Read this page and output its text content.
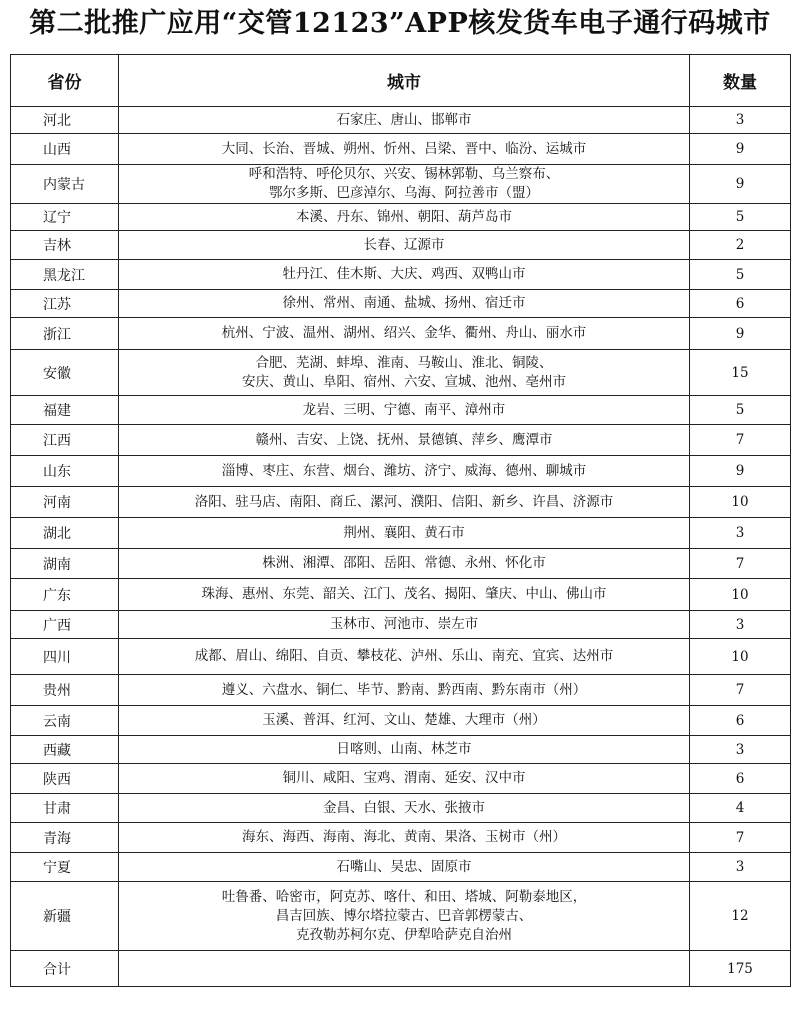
第二批推广应用“交管12123”APP核发货车电子通行码城市
省份	城市	数量
河北	石家庄、唐山、邯郸市	3
山西	大同、长治、晋城、朔州、忻州、吕梁、晋中、临汾、运城市	9
内蒙古	呼和浩特、呼伦贝尔、兴安、锡林郭勒、乌兰察布、
鄂尔多斯、巴彦淖尔、乌海、阿拉善市（盟）	9
辽宁	本溪、丹东、锦州、朝阳、葫芦岛市	5
吉林	长春、辽源市	2
黑龙江	牡丹江、佳木斯、大庆、鸡西、双鸭山市	5
江苏	徐州、常州、南通、盐城、扬州、宿迁市	6
浙江	杭州、宁波、温州、湖州、绍兴、金华、衢州、舟山、丽水市	9
安徽	合肥、芜湖、蚌埠、淮南、马鞍山、淮北、铜陵、
安庆、黄山、阜阳、宿州、六安、宣城、池州、亳州市	15
福建	龙岩、三明、宁德、南平、漳州市	5
江西	赣州、吉安、上饶、抚州、景德镇、萍乡、鹰潭市	7
山东	淄博、枣庄、东营、烟台、潍坊、济宁、威海、德州、聊城市	9
河南	洛阳、驻马店、南阳、商丘、漯河、濮阳、信阳、新乡、许昌、济源市	10
湖北	荆州、襄阳、黄石市	3
湖南	株洲、湘潭、邵阳、岳阳、常德、永州、怀化市	7
广东	珠海、惠州、东莞、韶关、江门、茂名、揭阳、肇庆、中山、佛山市	10
广西	玉林市、河池市、崇左市	3
四川	成都、眉山、绵阳、自贡、攀枝花、泸州、乐山、南充、宜宾、达州市	10
贵州	遵义、六盘水、铜仁、毕节、黔南、黔西南、黔东南市（州）	7
云南	玉溪、普洱、红河、文山、楚雄、大理市（州）	6
西藏	日喀则、山南、林芝市	3
陕西	铜川、咸阳、宝鸡、渭南、延安、汉中市	6
甘肃	金昌、白银、天水、张掖市	4
青海	海东、海西、海南、海北、黄南、果洛、玉树市（州）	7
宁夏	石嘴山、吴忠、固原市	3
新疆	吐鲁番、哈密市，阿克苏、喀什、和田、塔城、阿勒泰地区，
昌吉回族、博尔塔拉蒙古、巴音郭楞蒙古、
克孜勒苏柯尔克、伊犁哈萨克自治州	12
合计		175
